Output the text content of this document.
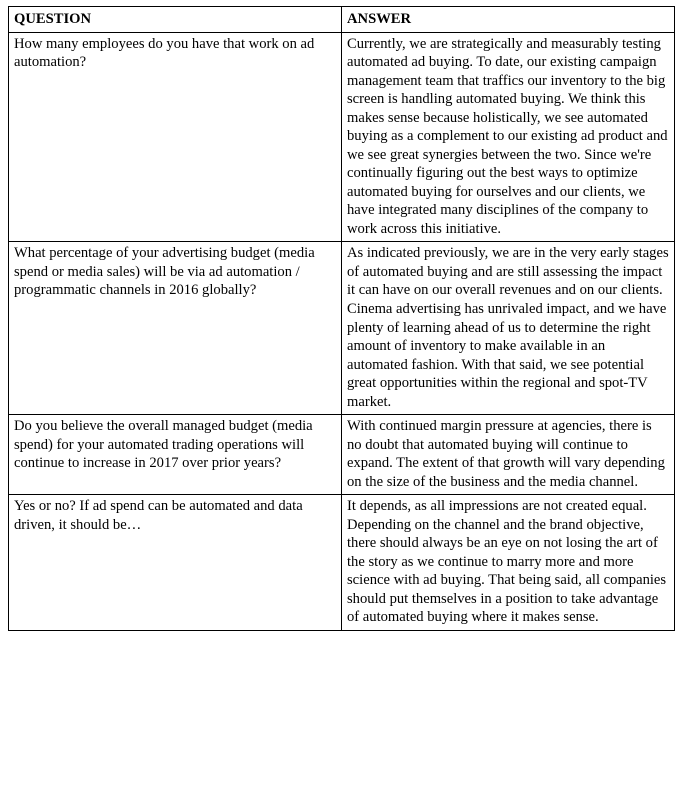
QUESTION	ANSWER

How many employees do you have that work on ad automation?	Currently, we are strategically and measurably testing automated ad buying. To date, our existing campaign management team that traffics our inventory to the big screen is handling automated buying. We think this makes sense because holistically, we see automated buying as a complement to our existing ad product and we see great synergies between the two. Since we're continually figuring out the best ways to optimize automated buying for ourselves and our clients, we have integrated many disciplines of the company to work across this initiative.

What percentage of your advertising budget (media spend or media sales) will be via ad automation / programmatic channels in 2016 globally?	As indicated previously, we are in the very early stages of automated buying and are still assessing the impact it can have on our overall revenues and on our clients. Cinema advertising has unrivaled impact, and we have plenty of learning ahead of us to determine the right amount of inventory to make available in an automated fashion. With that said, we see potential great opportunities within the regional and spot-TV market.

Do you believe the overall managed budget (media spend) for your automated trading operations will continue to increase in 2017 over prior years?	With continued margin pressure at agencies, there is no doubt that automated buying will continue to expand. The extent of that growth will vary depending on the size of the business and the media channel.

Yes or no? If ad spend can be automated and data driven, it should be…	It depends, as all impressions are not created equal. Depending on the channel and the brand objective, there should always be an eye on not losing the art of the story as we continue to marry more and more science with ad buying. That being said, all companies should put themselves in a position to take advantage of automated buying where it makes sense.
